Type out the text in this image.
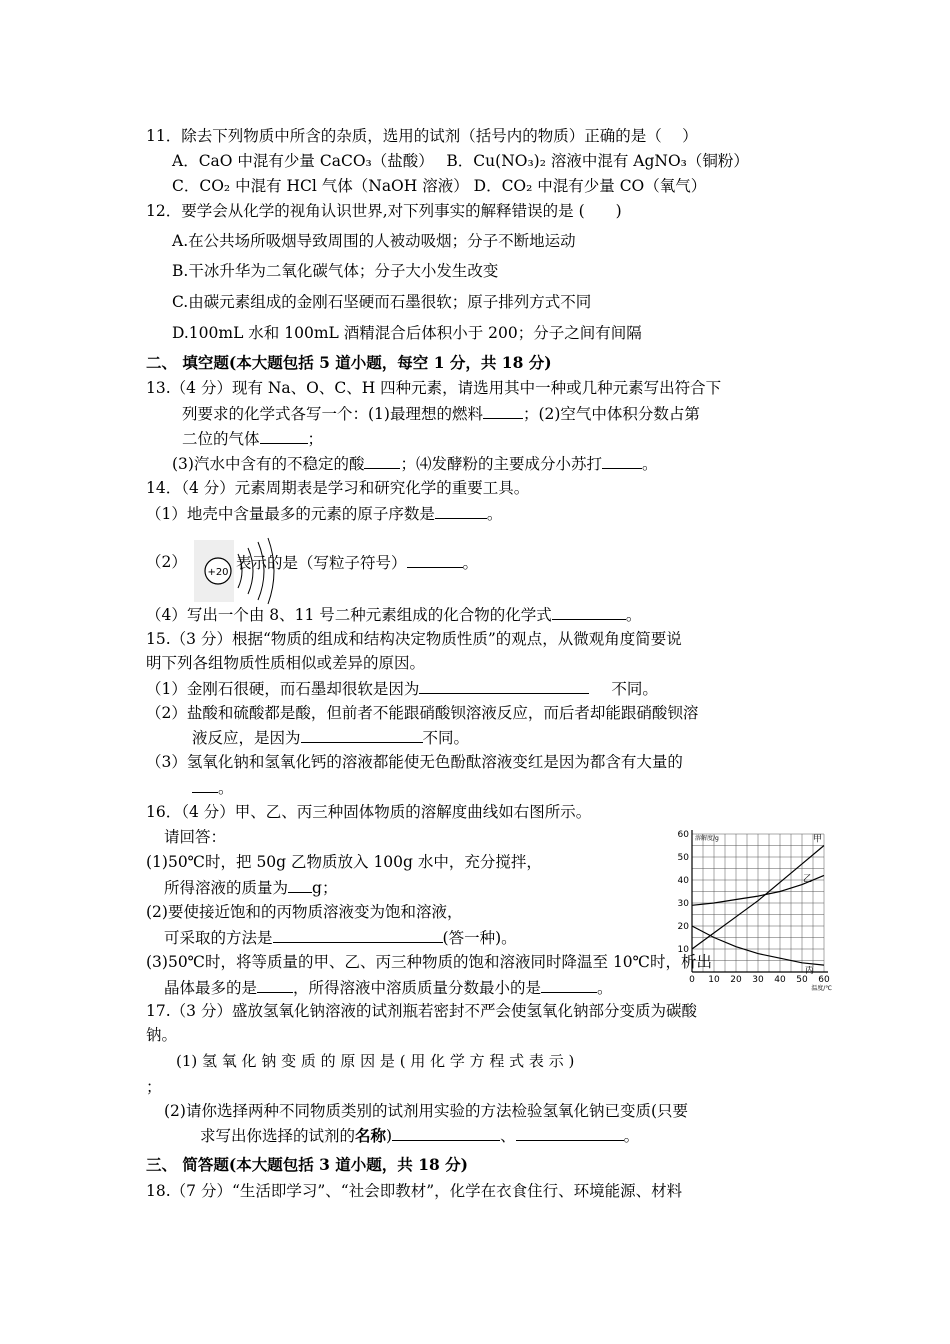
11．除去下列物质中所含的杂质，选用的试剂（括号内的物质）正确的是（　 ）
A．CaO 中混有少量 CaCO₃（盐酸）　 B．Cu(NO₃)₂ 溶液中混有 AgNO₃（铜粉）
C．CO₂ 中混有 HCl 气体（NaOH 溶液） D．CO₂ 中混有少量 CO（氧气）
12．要学会从化学的视角认识世界,对下列事实的解释错误的是 (　　)
A.在公共场所吸烟导致周围的人被动吸烟；分子不断地运动
B.干冰升华为二氧化碳气体；分子大小发生改变
C.由碳元素组成的金刚石坚硬而石墨很软；原子排列方式不同
D.100mL 水和 100mL 酒精混合后体积小于 200；分子之间有间隔
二、 填空题(本大题包括 5 道小题，每空 1 分，共 18 分)
13.（4 分）现有 Na、O、C、H 四种元素，请选用其中一种或几种元素写出符合下
列要求的化学式各写一个：(1)最理想的燃料	；(2)空气中体积分数占第
二位的气体	；
(3)汽水中含有的不稳定的酸 ；⑷发酵粉的主要成分小苏打	。
14．（4 分）元素周期表是学习和研究化学的重要工具。
（1）地壳中含量最多的元素的原子序数是	。
（2）
+20
表示的是（写粒子符号）	。
（4）写出一个由 8、11 号二种元素组成的化合物的化学式	。
15.（3 分）根据“物质的组成和结构决定物质性质”的观点，从微观角度简要说
明下列各组物质性质相似或差异的原因。
（1）金刚石很硬，而石墨却很软是因为	不同。
（2）盐酸和硫酸都是酸，但前者不能跟硝酸钡溶液反应，而后者却能跟硝酸钡溶
液反应，是因为	不同。
（3）氢氧化钠和氢氧化钙的溶液都能使无色酚酞溶液变红是因为都含有大量的
。
16．（4 分）甲、乙、丙三种固体物质的溶解度曲线如右图所示。
请回答：
(1)50℃时，把 50g 乙物质放入 100g 水中，充分搅拌，
所得溶液的质量为 g；
(2)要使接近饱和的丙物质溶液变为饱和溶液，
可采取的方法是	(答一种)。
10
20
30
40
50
60
0 10 20 30 40 50 60
溶解度/g
温度/℃
甲
乙
丙
(3)50℃时，将等质量的甲、乙、丙三种物质的饱和溶液同时降温至 10℃时，析出
晶体最多的是 ，所得溶液中溶质质量分数最小的是	。
17.（3 分）盛放氢氧化钠溶液的试剂瓶若密封不严会使氢氧化钠部分变质为碳酸
钠。
(1) 氢 氧 化 钠 变 质 的 原 因 是 ( 用 化 学 方 程 式 表 示 )
；
(2)请你选择两种不同物质类别的试剂用实验的方法检验氢氧化钠已变质(只要
求写出你选择的试剂的名称)	、	。
三、 简答题(本大题包括 3 道小题，共 18 分)
18.（7 分）“生活即学习”、“社会即教材”，化学在衣食住行、环境能源、材料
